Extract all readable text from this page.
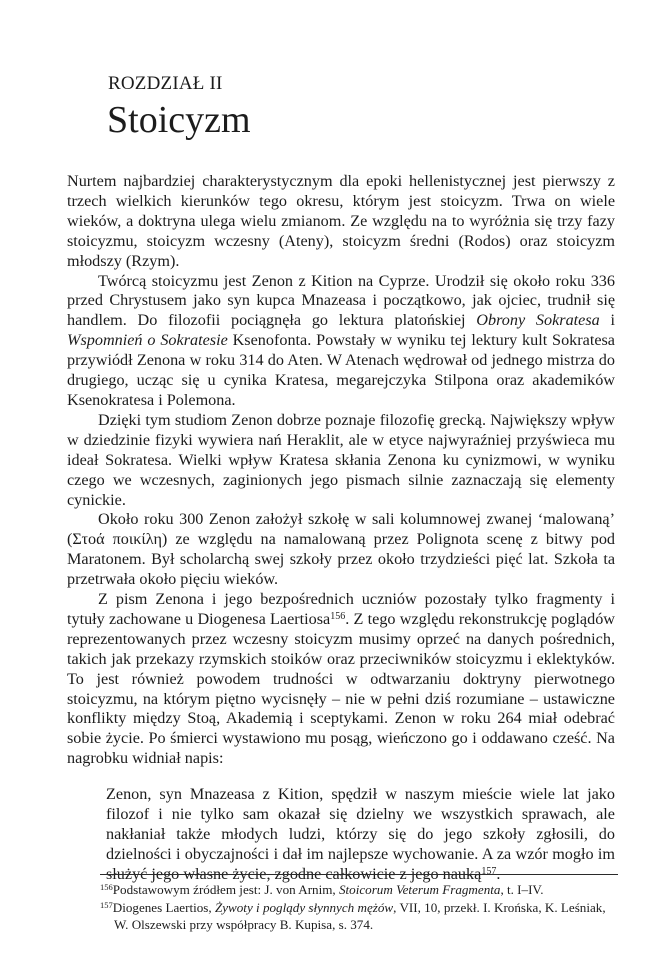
ROZDZIAŁ II
Stoicyzm

Nurtem najbardziej charakterystycznym dla epoki hellenistycznej jest pierwszy z trzech wielkich kierunków tego okresu, którym jest stoicyzm. Trwa on wiele wieków, a doktryna ulega wielu zmianom. Ze względu na to wyróżnia się trzy fazy stoicyzmu, stoicyzm wczesny (Ateny), stoicyzm średni (Rodos) oraz stoicyzm młodszy (Rzym).

Twórcą stoicyzmu jest Zenon z Kition na Cyprze. Urodził się około roku 336 przed Chrystusem jako syn kupca Mnazeasa i początkowo, jak ojciec, trudnił się handlem. Do filozofii pociągnęła go lektura platońskiej Obrony Sokratesa i Wspomnień o Sokratesie Ksenofonta. Powstały w wyniku tej lektury kult Sokratesa przywiódł Zenona w roku 314 do Aten. W Atenach wędrował od jednego mistrza do drugiego, ucząc się u cynika Kratesa, megarejczyka Stilpona oraz akademików Ksenokratesa i Polemona.

Dzięki tym studiom Zenon dobrze poznaje filozofię grecką. Największy wpływ w dziedzinie fizyki wywiera nań Heraklit, ale w etyce najwyraźniej przyświeca mu ideał Sokratesa. Wielki wpływ Kratesa skłania Zenona ku cynizmowi, w wyniku czego we wczesnych, zaginionych jego pismach silnie zaznaczają się elementy cynickie.

Około roku 300 Zenon założył szkołę w sali kolumnowej zwanej ‘malowaną’ (Στοά ποικίλη) ze względu na namalowaną przez Polignota scenę z bitwy pod Maratonem. Był scholarchą swej szkoły przez około trzydzieści pięć lat. Szkoła ta przetrwała około pięciu wieków.

Z pism Zenona i jego bezpośrednich uczniów pozostały tylko fragmenty i tytuły zachowane u Diogenesa Laertiosa$^{156}$. Z tego względu rekonstrukcję poglądów reprezentowanych przez wczesny stoicyzm musimy oprzeć na danych pośrednich, takich jak przekazy rzymskich stoików oraz przeciwników stoicyzmu i eklektyków. To jest również powodem trudności w odtwarzaniu doktryny pierwotnego stoicyzmu, na którym piętno wycisnęły – nie w pełni dziś rozumiane – ustawiczne konflikty między Stoą, Akademią i sceptykami. Zenon w roku 264 miał odebrać sobie życie. Po śmierci wystawiono mu posąg, wieńczono go i oddawano cześć. Na nagrobku widniał napis:

Zenon, syn Mnazeasa z Kition, spędził w naszym mieście wiele lat jako filozof i nie tylko sam okazał się dzielny we wszystkich sprawach, ale nakłaniał także młodych ludzi, którzy się do jego szkoły zgłosili, do dzielności i obyczajności i dał im najlepsze wychowanie. A za wzór mogło im służyć jego własne życie, zgodne całkowicie z jego nauką$^{157}$.

$^{156}$Podstawowym źródłem jest: J. von Arnim, Stoicorum Veterum Fragmenta, t. I–IV.

$^{157}$Diogenes Laertios, Żywoty i poglądy słynnych mężów, VII, 10, przekł. I. Krońska, K. Leśniak, W. Olszewski przy współpracy B. Kupisa, s. 374.
